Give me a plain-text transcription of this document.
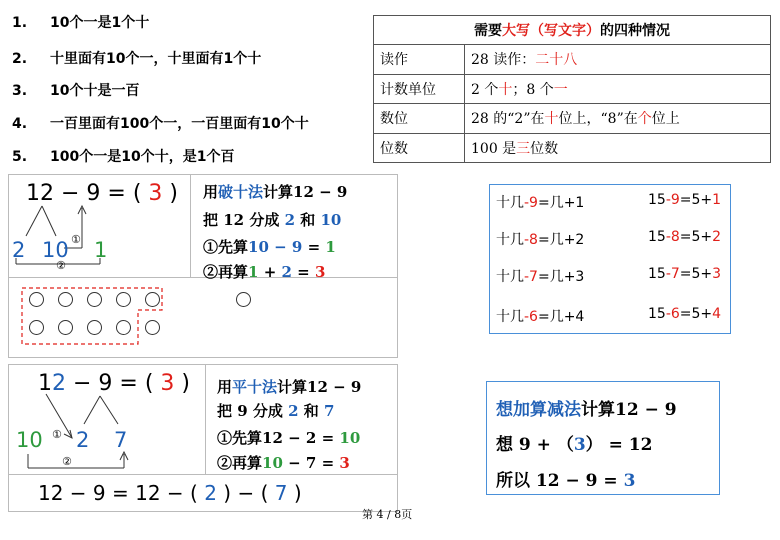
1. 10个一是1个十
2. 十里面有10个一，十里面有1个十
3. 10个十是一百
4. 一百里面有100个一，一百里面有10个十
5. 100个一是10个十，是1个百
需要大写（写文字）的四种情况	
读作	28 读作：二十八
计数单位	2 个十；8 个一
数位	28 的“2”在十位上，“8”在个位上
位数	100 是三位数
12 − 9 = ( 3 )
2 10 1
①
②
用破十法计算12 − 9
把 12 分成 2 和 10
①先算10 − 9 = 1
②再算1 + 2 = 3
十几-9=几+1	15-9=5+1
十几-8=几+2	15-8=5+2
十几-7=几+3	15-7=5+3
十几-6=几+4	15-6=5+4
12 − 9 = ( 3 )
10 2 7
①
②
用平十法计算12 − 9
把 9 分成 2 和 7
①先算12 − 2 = 10
②再算10 − 7 = 3
12 − 9 = 12 − ( 2 ) − ( 7 )
想加算减法计算12 − 9
想 9 + （3） = 12
所以 12 − 9 = 3
第 4 / 8页
